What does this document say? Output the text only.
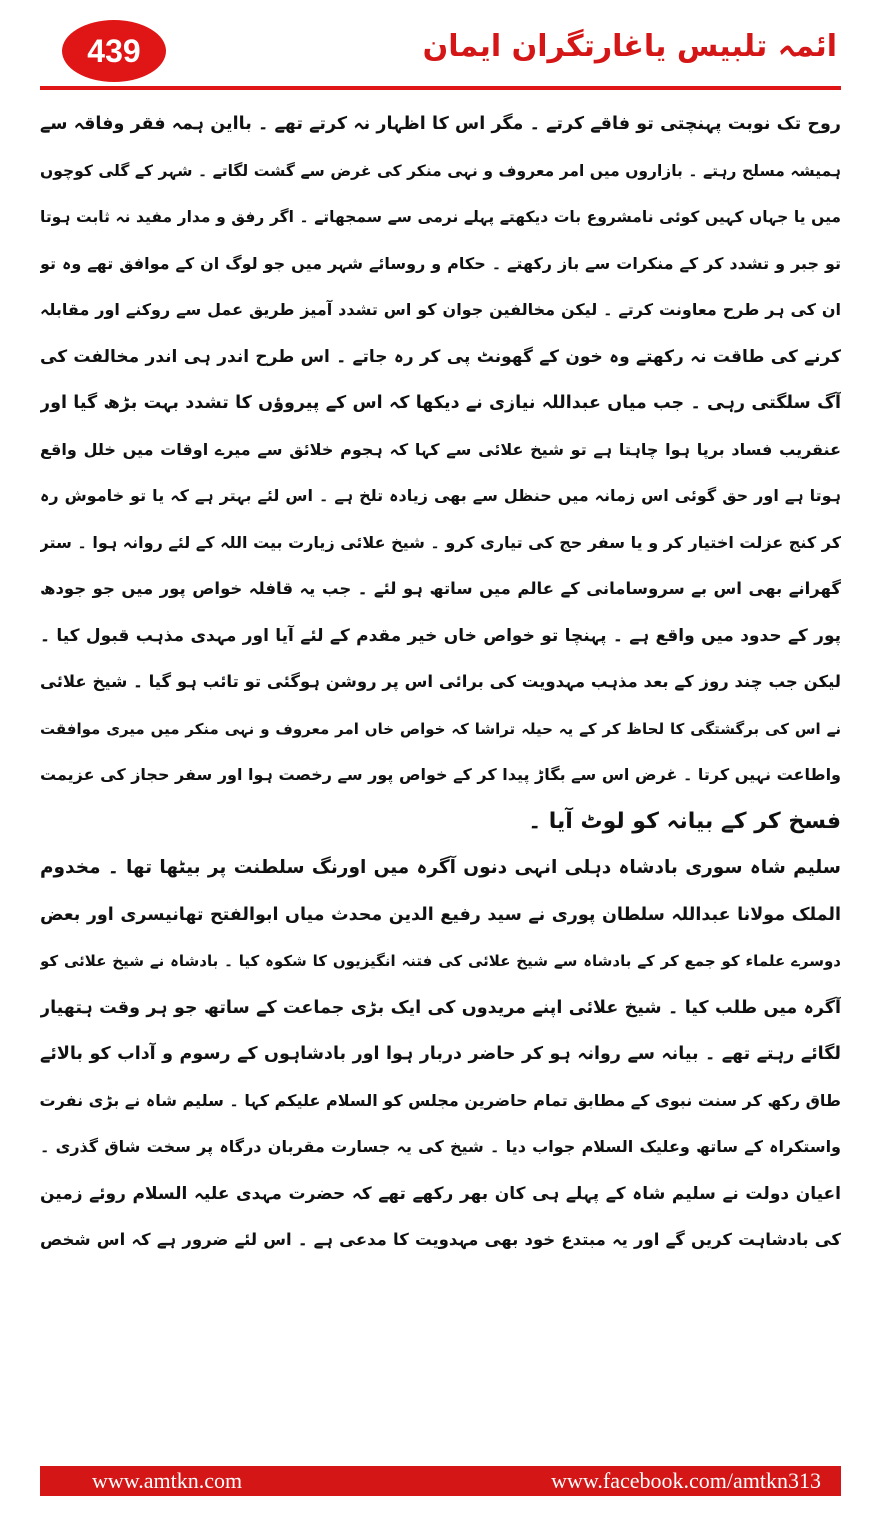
439	ائمہ تلبیس یاغارتگران ایمان
روح تک نوبت پہنچتی تو فاقے کرتے ۔ مگر اس کا اظہار نہ کرتے تھے ۔ بااین ہمہ فقر وفاقہ سے
ہمیشہ مسلح رہتے ۔ بازاروں میں امر معروف و نہی منکر کی غرض سے گشت لگاتے ۔ شہر کے گلی کوچوں
میں یا جہاں کہیں کوئی نامشروع بات دیکھتے پہلے نرمی سے سمجھاتے ۔ اگر رفق و مدار مفید نہ ثابت ہوتا
تو جبر و تشدد کر کے منکرات سے باز رکھتے ۔ حکام و روسائے شہر میں جو لوگ ان کے موافق تھے وہ تو
ان کی ہر طرح معاونت کرتے ۔ لیکن مخالفین جوان کو اس تشدد آمیز طریق عمل سے روکنے اور مقابلہ
کرنے کی طاقت نہ رکھتے وہ خون کے گھونٹ پی کر رہ جاتے ۔ اس طرح اندر ہی اندر مخالفت کی
آگ سلگتی رہی ۔ جب میاں عبداللہ نیازی نے دیکھا کہ اس کے پیروؤں کا تشدد بہت بڑھ گیا اور
عنقریب فساد برپا ہوا چاہتا ہے تو شیخ علائی سے کہا کہ ہجوم خلائق سے میرے اوقات میں خلل واقع
ہوتا ہے اور حق گوئی اس زمانہ میں حنظل سے بھی زیادہ تلخ ہے ۔ اس لئے بہتر ہے کہ یا تو خاموش رہ
کر کنج عزلت اختیار کر و یا سفر حج کی تیاری کرو ۔ شیخ علائی زیارت بیت اللہ کے لئے روانہ ہوا ۔ ستر
گھرانے بھی اس بے سروسامانی کے عالم میں ساتھ ہو لئے ۔ جب یہ قافلہ خواص پور میں جو جودھ
پور کے حدود میں واقع ہے ۔ پہنچا تو خواص خاں خیر مقدم کے لئے آیا اور مہدی مذہب قبول کیا ۔
لیکن جب چند روز کے بعد مذہب مہدویت کی برائی اس پر روشن ہوگئی تو تائب ہو گیا ۔ شیخ علائی
نے اس کی برگشتگی کا لحاظ کر کے یہ حیلہ تراشا کہ خواص خاں امر معروف و نہی منکر میں میری موافقت
واطاعت نہیں کرتا ۔ غرض اس سے بگاڑ پیدا کر کے خواص پور سے رخصت ہوا اور سفر حجاز کی عزیمت
فسخ کر کے بیانہ کو لوٹ آیا ۔
سلیم شاہ سوری بادشاہ دہلی انہی دنوں آگرہ میں اورنگ سلطنت پر بیٹھا تھا ۔ مخدوم
الملک مولانا عبداللہ سلطان پوری نے سید رفیع الدین محدث میاں ابوالفتح تھانیسری اور بعض
دوسرے علماء کو جمع کر کے بادشاہ سے شیخ علائی کی فتنہ انگیزیوں کا شکوہ کیا ۔ بادشاہ نے شیخ علائی کو
آگرہ میں طلب کیا ۔ شیخ علائی اپنے مریدوں کی ایک بڑی جماعت کے ساتھ جو ہر وقت ہتھیار
لگائے رہتے تھے ۔ بیانہ سے روانہ ہو کر حاضر دربار ہوا اور بادشاہوں کے رسوم و آداب کو بالائے
طاق رکھ کر سنت نبوی کے مطابق تمام حاضرین مجلس کو السلام علیکم کہا ۔ سلیم شاہ نے بڑی نفرت
واستکراہ کے ساتھ وعلیک السلام جواب دیا ۔ شیخ کی یہ جسارت مقربان درگاہ پر سخت شاق گذری ۔
اعیان دولت نے سلیم شاہ کے پہلے ہی کان بھر رکھے تھے کہ حضرت مہدی علیہ السلام روئے زمین
کی بادشاہت کریں گے اور یہ مبتدع خود بھی مہدویت کا مدعی ہے ۔ اس لئے ضرور ہے کہ اس شخص
www.amtkn.com	www.facebook.com/amtkn313
